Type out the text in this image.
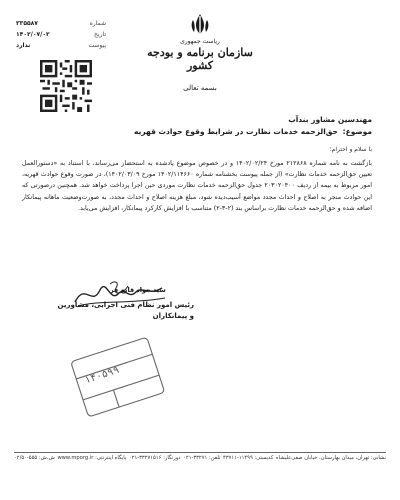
شماره
۳۳۵۵۸۷
تاریخ
۱۴۰۲/۰۷/۰۲
پیوست
ندارد
ریاست جمهوری
سازمان برنامه و بودجه کشور
بسمه تعالی
مهندسین مشاور بندآب
موضوع: حق‌الزحمه خدمات نظارت در شرایط وقوع حوادث قهریه
با سلام و احترام؛
بازگشت به نامه شماره ۲۱۲۸۶۸ مورخ ۱۴۰۲/۰۲/۲۴ و در خصوص موضوع یادشده به استحضار می‌رساند، با استناد به «دستورالعمل تعیین حق‌الزحمه خدمات نظارت» (از جمله پیوست بخشنامه شماره ۱۴۰۲/۱۱۴۶۶۰ مورخ ۱۴۰۲/۰۳/۰۹)، در صورت وقوع حوادث قهریه، امور مربوط به بیمه از ردیف ۲۰۳۰۲۰۴۰۰ جدول حق‌الزحمه خدمات نظارت موردی حین اجرا پرداخت خواهد شد. همچنین درصورتی که این حوادث منجر به اصلاح و احداث مجدد مواضع آسیب‌دیده شود، مبلغ هزینه اصلاح و احداث مجدد، به صورت‌وضعیت ماهانه پیمانکار اضافه شده و حق‌الزحمه خدمات نظارت براساس بند (۲-۳-۲) متناسب با افزایش کارکرد پیمانکار، افزایش می‌یابد.
سید جواد قانع فر
رئیس امور نظام فنی اجرایی، مشاورین
و پیمانکاران
۱۴۰۵۹۹
نشانی: تهران، میدان بهارستان، خیابان صفی‌علیشاه
کدپستی: ۱۱۴۹۹-۴۳۷۱۱
تلفن: ۳۳۲۷۱-۰۲۱
دورنگار: ۳۳۲۷۱۵۱۶-۰۲۱
پایگاه اینترنتی: www.mporg.ir
ش.ش: ۵۵۵-۰۲/۵۰
